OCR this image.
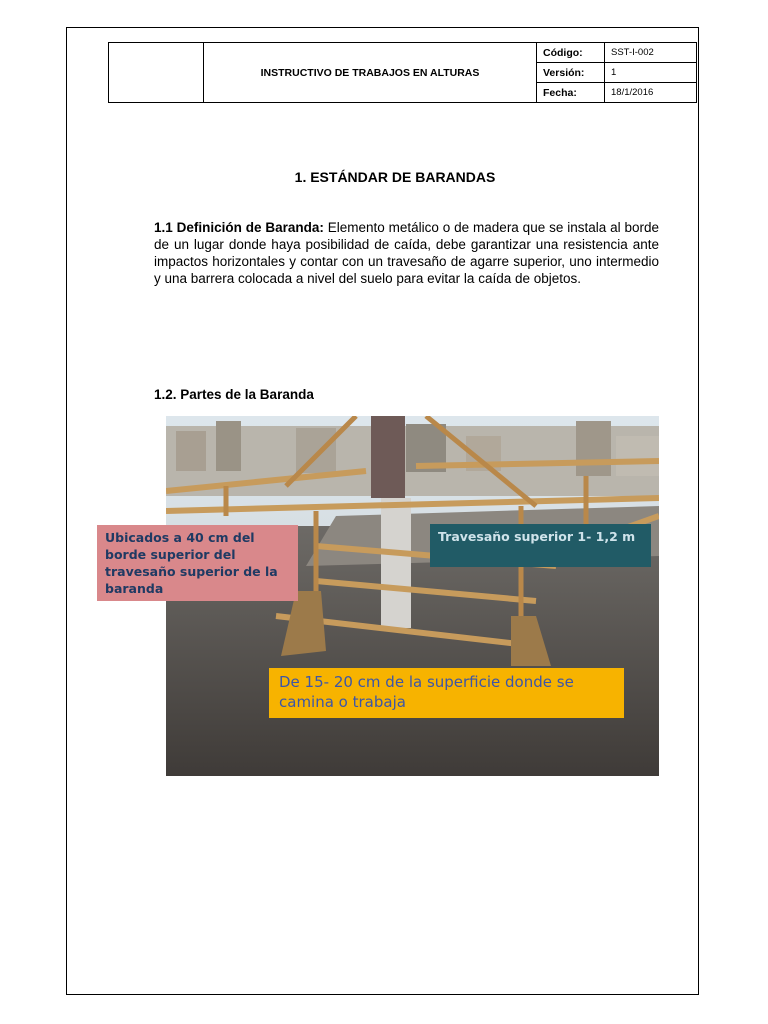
	INSTRUCTIVO DE TRABAJOS EN ALTURAS	Código:	SST-I-002
		Versión:	1
		Fecha:	18/1/2016
1. ESTÁNDAR DE BARANDAS
1.1 Definición de Baranda: Elemento metálico o de madera que se instala al borde de un lugar donde haya posibilidad de caída, debe garantizar una resistencia ante impactos horizontales y contar con un travesaño de agarre superior, uno intermedio y una barrera colocada a nivel del suelo para evitar la caída de objetos.
1.2. Partes de la Baranda
Ubicados a 40 cm del borde superior del travesaño superior de la baranda
Travesaño superior 1- 1,2 m
De 15- 20 cm de la superficie donde se camina o trabaja
